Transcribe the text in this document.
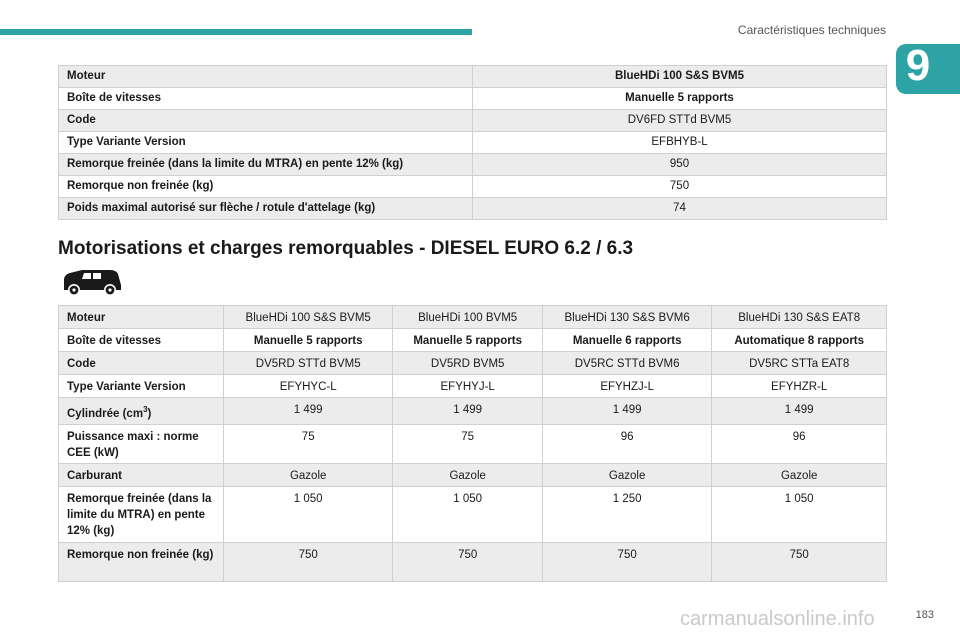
Caractéristiques techniques
9
Moteur	BlueHDi 100 S&S BVM5
Boîte de vitesses	Manuelle 5 rapports
Code	DV6FD STTd BVM5
Type Variante Version	EFBHYB-L
Remorque freinée (dans la limite du MTRA) en pente 12% (kg)	950
Remorque non freinée (kg)	750
Poids maximal autorisé sur flèche / rotule d'attelage (kg)	74
Motorisations et charges remorquables - DIESEL EURO 6.2 / 6.3
Moteur	BlueHDi 100 S&S BVM5	BlueHDi 100 BVM5	BlueHDi 130 S&S BVM6	BlueHDi 130 S&S EAT8
Boîte de vitesses	Manuelle 5 rapports	Manuelle 5 rapports	Manuelle 6 rapports	Automatique 8 rapports
Code	DV5RD STTd BVM5	DV5RD BVM5	DV5RC STTd BVM6	DV5RC STTa EAT8
Type Variante Version	EFYHYC-L	EFYHYJ-L	EFYHZJ-L	EFYHZR-L
Cylindrée $(cm^3)$	1 499	1 499	1 499	1 499
Puissance maxi : norme CEE (kW)	75	75	96	96
Carburant	Gazole	Gazole	Gazole	Gazole
Remorque freinée (dans la limite du MTRA) en pente 12% (kg)	1 050	1 050	1 250	1 050
Remorque non freinée (kg)	750	750	750	750
carmanualsonline.info	183
